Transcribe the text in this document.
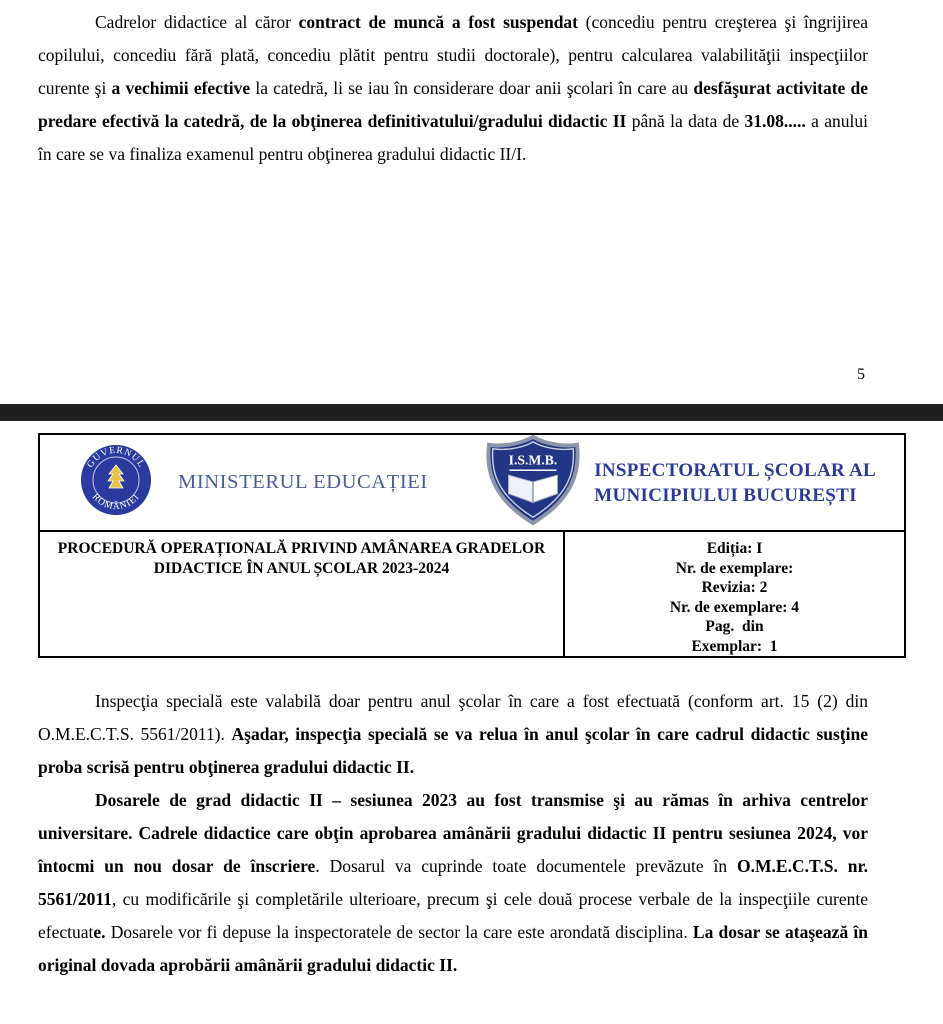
Cadrelor didactice al căror contract de muncă a fost suspendat (concediu pentru creşterea şi îngrijirea copilului, concediu fără plată, concediu plătit pentru studii doctorale), pentru calcularea valabilităţii inspecţiilor curente şi a vechimii efective la catedră, li se iau în considerare doar anii şcolari în care au desfăşurat activitate de predare efectivă la catedră, de la obţinerea definitivatului/gradului didactic II până la data de 31.08..... a anului în care se va finaliza examenul pentru obţinerea gradului didactic II/I.

5
GUVERNUL
ROMÂNIEI
MINISTERUL EDUCAȚIEI
I.S.M.B. INSPECTORATUL ȘCOLAR AL
MUNICIPIULUI BUCUREȘTI
PROCEDURĂ OPERAȚIONALĂ PRIVIND AMÂNAREA GRADELOR
DIDACTICE ÎN ANUL ȘCOLAR 2023-2024
Ediția: I
Nr. de exemplare:
Revizia: 2
Nr. de exemplare: 4
Pag.  din
Exemplar:  1

Inspecţia specială este valabilă doar pentru anul şcolar în care a fost efectuată (conform art. 15 (2) din O.M.E.C.T.S. 5561/2011). Aşadar, inspecţia specială se va relua în anul şcolar în care cadrul didactic susţine proba scrisă pentru obţinerea gradului didactic II.

Dosarele de grad didactic II – sesiunea 2023 au fost transmise şi au rămas în arhiva centrelor universitare. Cadrele didactice care obţin aprobarea amânării gradului didactic II pentru sesiunea 2024, vor întocmi un nou dosar de înscriere. Dosarul va cuprinde toate documentele prevăzute în O.M.E.C.T.S. nr. 5561/2011, cu modificările şi completările ulterioare, precum şi cele două procese verbale de la inspecţiile curente efectuate. Dosarele vor fi depuse la inspectoratele de sector la care este arondată disciplina. La dosar se ataşează în original dovada aprobării amânării gradului didactic II.
